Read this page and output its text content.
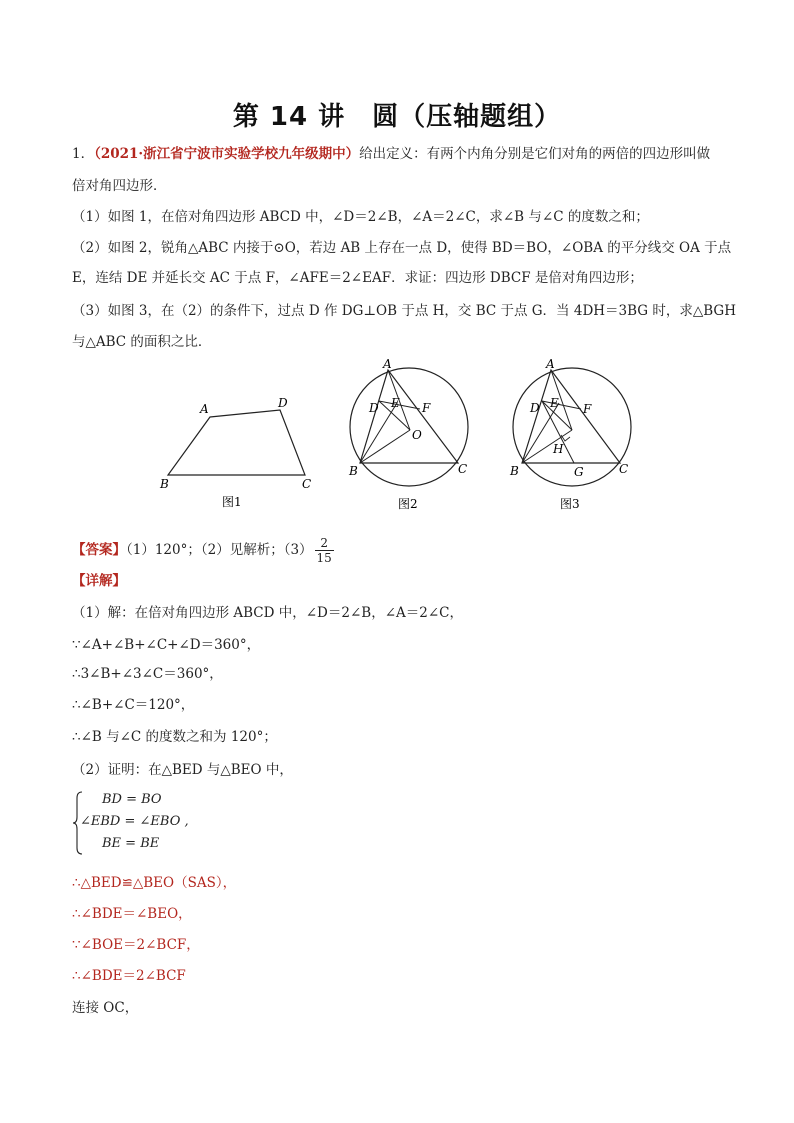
第 14 讲　圆（压轴题组）
1．（2021·浙江省宁波市实验学校九年级期中）给出定义：有两个内角分别是它们对角的两倍的四边形叫做
倍对角四边形．
（1）如图 1，在倍对角四边形 ABCD 中，∠D＝2∠B，∠A＝2∠C，求∠B 与∠C 的度数之和；
（2）如图 2，锐角△ABC 内接于⊙O，若边 AB 上存在一点 D，使得 BD＝BO，∠OBA 的平分线交 OA 于点
E，连结 DE 并延长交 AC 于点 F，∠AFE＝2∠EAF．求证：四边形 DBCF 是倍对角四边形；
（3）如图 3，在（2）的条件下，过点 D 作 DG⊥OB 于点 H，交 BC 于点 G．当 4DH＝3BG 时，求△BGH
与△ABC 的面积之比．
A	D
B	C
图1
A
D E F
O
B	C
图2
A
D E F
H
G
B	C
图3
【答案】（1）120°；（2）见解析；$(3) \frac{2}{15}$
【详解】
（1）解：在倍对角四边形 ABCD 中，∠D＝2∠B，∠A＝2∠C，
∵∠A+∠B+∠C+∠D＝360°，
∴3∠B+∠3∠C＝360°，
∴∠B+∠C＝120°，
∴∠B 与∠C 的度数之和为 120°；
（2）证明：在△BED 与△BEO 中，
BD = BO
∠EBD = ∠EBO ,
BE = BE
∴△BED≌△BEO（SAS），
∴∠BDE＝∠BEO，
∵∠BOE＝2∠BCF，
∴∠BDE＝2∠BCF
连接 OC，
